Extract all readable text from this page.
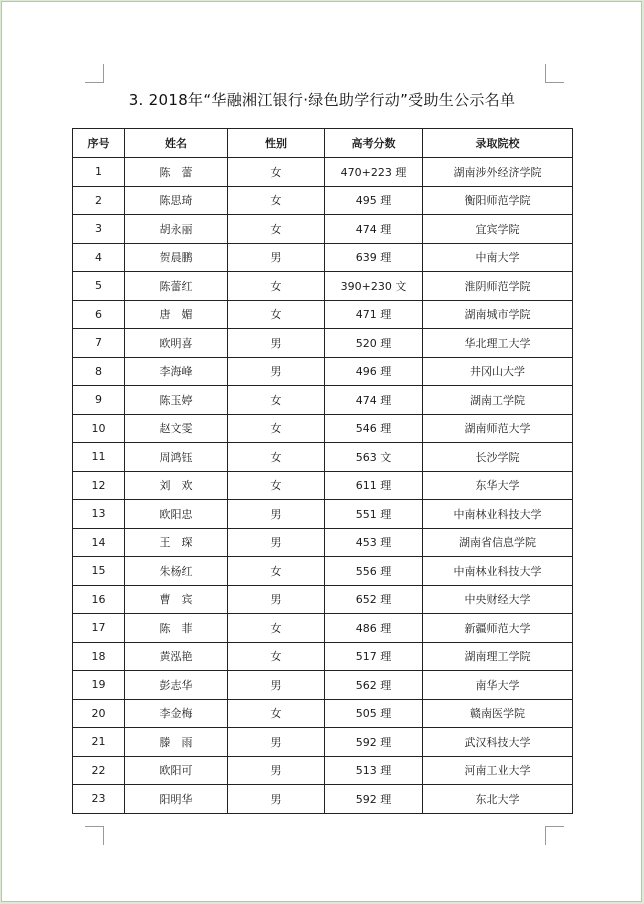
3. 2018年“华融湘江银行·绿色助学行动”受助生公示名单
序号	姓名	性别	高考分数	录取院校
1	陈　蕾	女	470+223 理	湖南涉外经济学院
2	陈思琦	女	495 理	衡阳师范学院
3	胡永丽	女	474 理	宜宾学院
4	贺晨鹏	男	639 理	中南大学
5	陈蕾红	女	390+230 文	淮阴师范学院
6	唐　媚	女	471 理	湖南城市学院
7	欧明喜	男	520 理	华北理工大学
8	李海峰	男	496 理	井冈山大学
9	陈玉婷	女	474 理	湖南工学院
10	赵文雯	女	546 理	湖南师范大学
11	周鸿钰	女	563 文	长沙学院
12	刘　欢	女	611 理	东华大学
13	欧阳忠	男	551 理	中南林业科技大学
14	王　琛	男	453 理	湖南省信息学院
15	朱杨红	女	556 理	中南林业科技大学
16	曹　宾	男	652 理	中央财经大学
17	陈　菲	女	486 理	新疆师范大学
18	黄泓艳	女	517 理	湖南理工学院
19	彭志华	男	562 理	南华大学
20	李金梅	女	505 理	赣南医学院
21	滕　雨	男	592 理	武汉科技大学
22	欧阳可	男	513 理	河南工业大学
23	阳明华	男	592 理	东北大学
